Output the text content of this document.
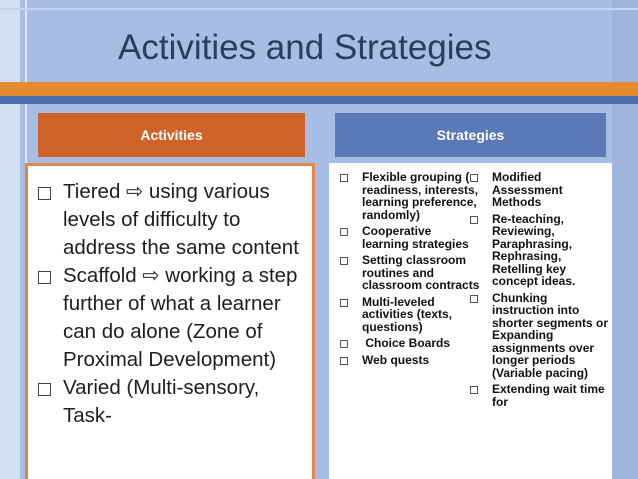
Activities and Strategies
Activities	Strategies
Tiered ⇨ using various levels of difficulty to address the same content
Scaffold ⇨ working a step further of what a learner can do alone (Zone of Proximal Development)
Varied (Multi-sensory, Task-
Flexible grouping ( readiness, interests, learning preference, randomly)
Cooperative learning strategies
Setting classroom routines and classroom contracts
Multi-leveled activities (texts, questions)
Choice Boards
Web quests
Modified Assessment Methods
Re-teaching, Reviewing, Paraphrasing, Rephrasing, Retelling key concept ideas.
Chunking instruction into shorter segments or Expanding assignments over longer periods (Variable pacing)
Extending wait time for
